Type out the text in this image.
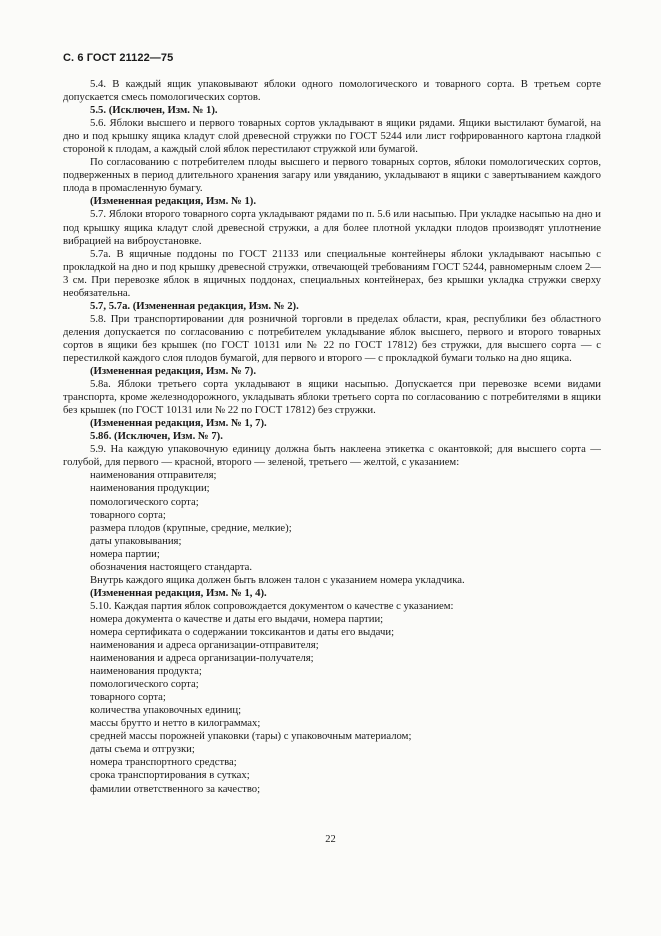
С. 6 ГОСТ 21122—75

5.4. В каждый ящик упаковывают яблоки одного помологического и товарного сорта. В третьем сорте допускается смесь помологических сортов.

5.5. (Исключен, Изм. № 1).

5.6. Яблоки высшего и первого товарных сортов укладывают в ящики рядами. Ящики выстилают бумагой, на дно и под крышку ящика кладут слой древесной стружки по ГОСТ 5244 или лист гофрированного картона гладкой стороной к плодам, а каждый слой яблок перестилают стружкой или бумагой.

По согласованию с потребителем плоды высшего и первого товарных сортов, яблоки помологических сортов, подверженных в период длительного хранения загару или увяданию, укладывают в ящики с завертыванием каждого плода в промасленную бумагу.

(Измененная редакция, Изм. № 1).

5.7. Яблоки второго товарного сорта укладывают рядами по п. 5.6 или насыпью. При укладке насыпью на дно и под крышку ящика кладут слой древесной стружки, а для более плотной укладки плодов производят уплотнение вибрацией на виброустановке.

5.7а. В ящичные поддоны по ГОСТ 21133 или специальные контейнеры яблоки укладывают насыпью с прокладкой на дно и под крышку древесной стружки, отвечающей требованиям ГОСТ 5244, равномерным слоем 2—3 см. При перевозке яблок в ящичных поддонах, специальных контейнерах, без крышки укладка стружки сверху необязательна.

5.7, 5.7а. (Измененная редакция, Изм. № 2).

5.8. При транспортировании для розничной торговли в пределах области, края, республики без областного деления допускается по согласованию с потребителем укладывание яблок высшего, первого и второго товарных сортов в ящики без крышек (по ГОСТ 10131 или № 22 по ГОСТ 17812) без стружки, для высшего сорта — с перестилкой каждого слоя плодов бумагой, для первого и второго — с прокладкой бумаги только на дно ящика.

(Измененная редакция, Изм. № 7).

5.8а. Яблоки третьего сорта укладывают в ящики насыпью. Допускается при перевозке всеми видами транспорта, кроме железнодорожного, укладывать яблоки третьего сорта по согласованию с потребителями в ящики без крышек (по ГОСТ 10131 или № 22 по ГОСТ 17812) без стружки.

(Измененная редакция, Изм. № 1, 7).

5.8б. (Исключен, Изм. № 7).

5.9. На каждую упаковочную единицу должна быть наклеена этикетка с окантовкой; для высшего сорта — голубой, для первого — красной, второго — зеленой, третьего — желтой, с указанием:

наименования отправителя;

наименования продукции;

помологического сорта;

товарного сорта;

размера плодов (крупные, средние, мелкие);

даты упаковывания;

номера партии;

обозначения настоящего стандарта.

Внутрь каждого ящика должен быть вложен талон с указанием номера укладчика.

(Измененная редакция, Изм. № 1, 4).

5.10. Каждая партия яблок сопровождается документом о качестве с указанием:

номера документа о качестве и даты его выдачи, номера партии;

номера сертификата о содержании токсикантов и даты его выдачи;

наименования и адреса организации-отправителя;

наименования и адреса организации-получателя;

наименования продукта;

помологического сорта;

товарного сорта;

количества упаковочных единиц;

массы брутто и нетто в килограммах;

средней массы порожней упаковки (тары) с упаковочным материалом;

даты съема и отгрузки;

номера транспортного средства;

срока транспортирования в сутках;

фамилии ответственного за качество;

22
